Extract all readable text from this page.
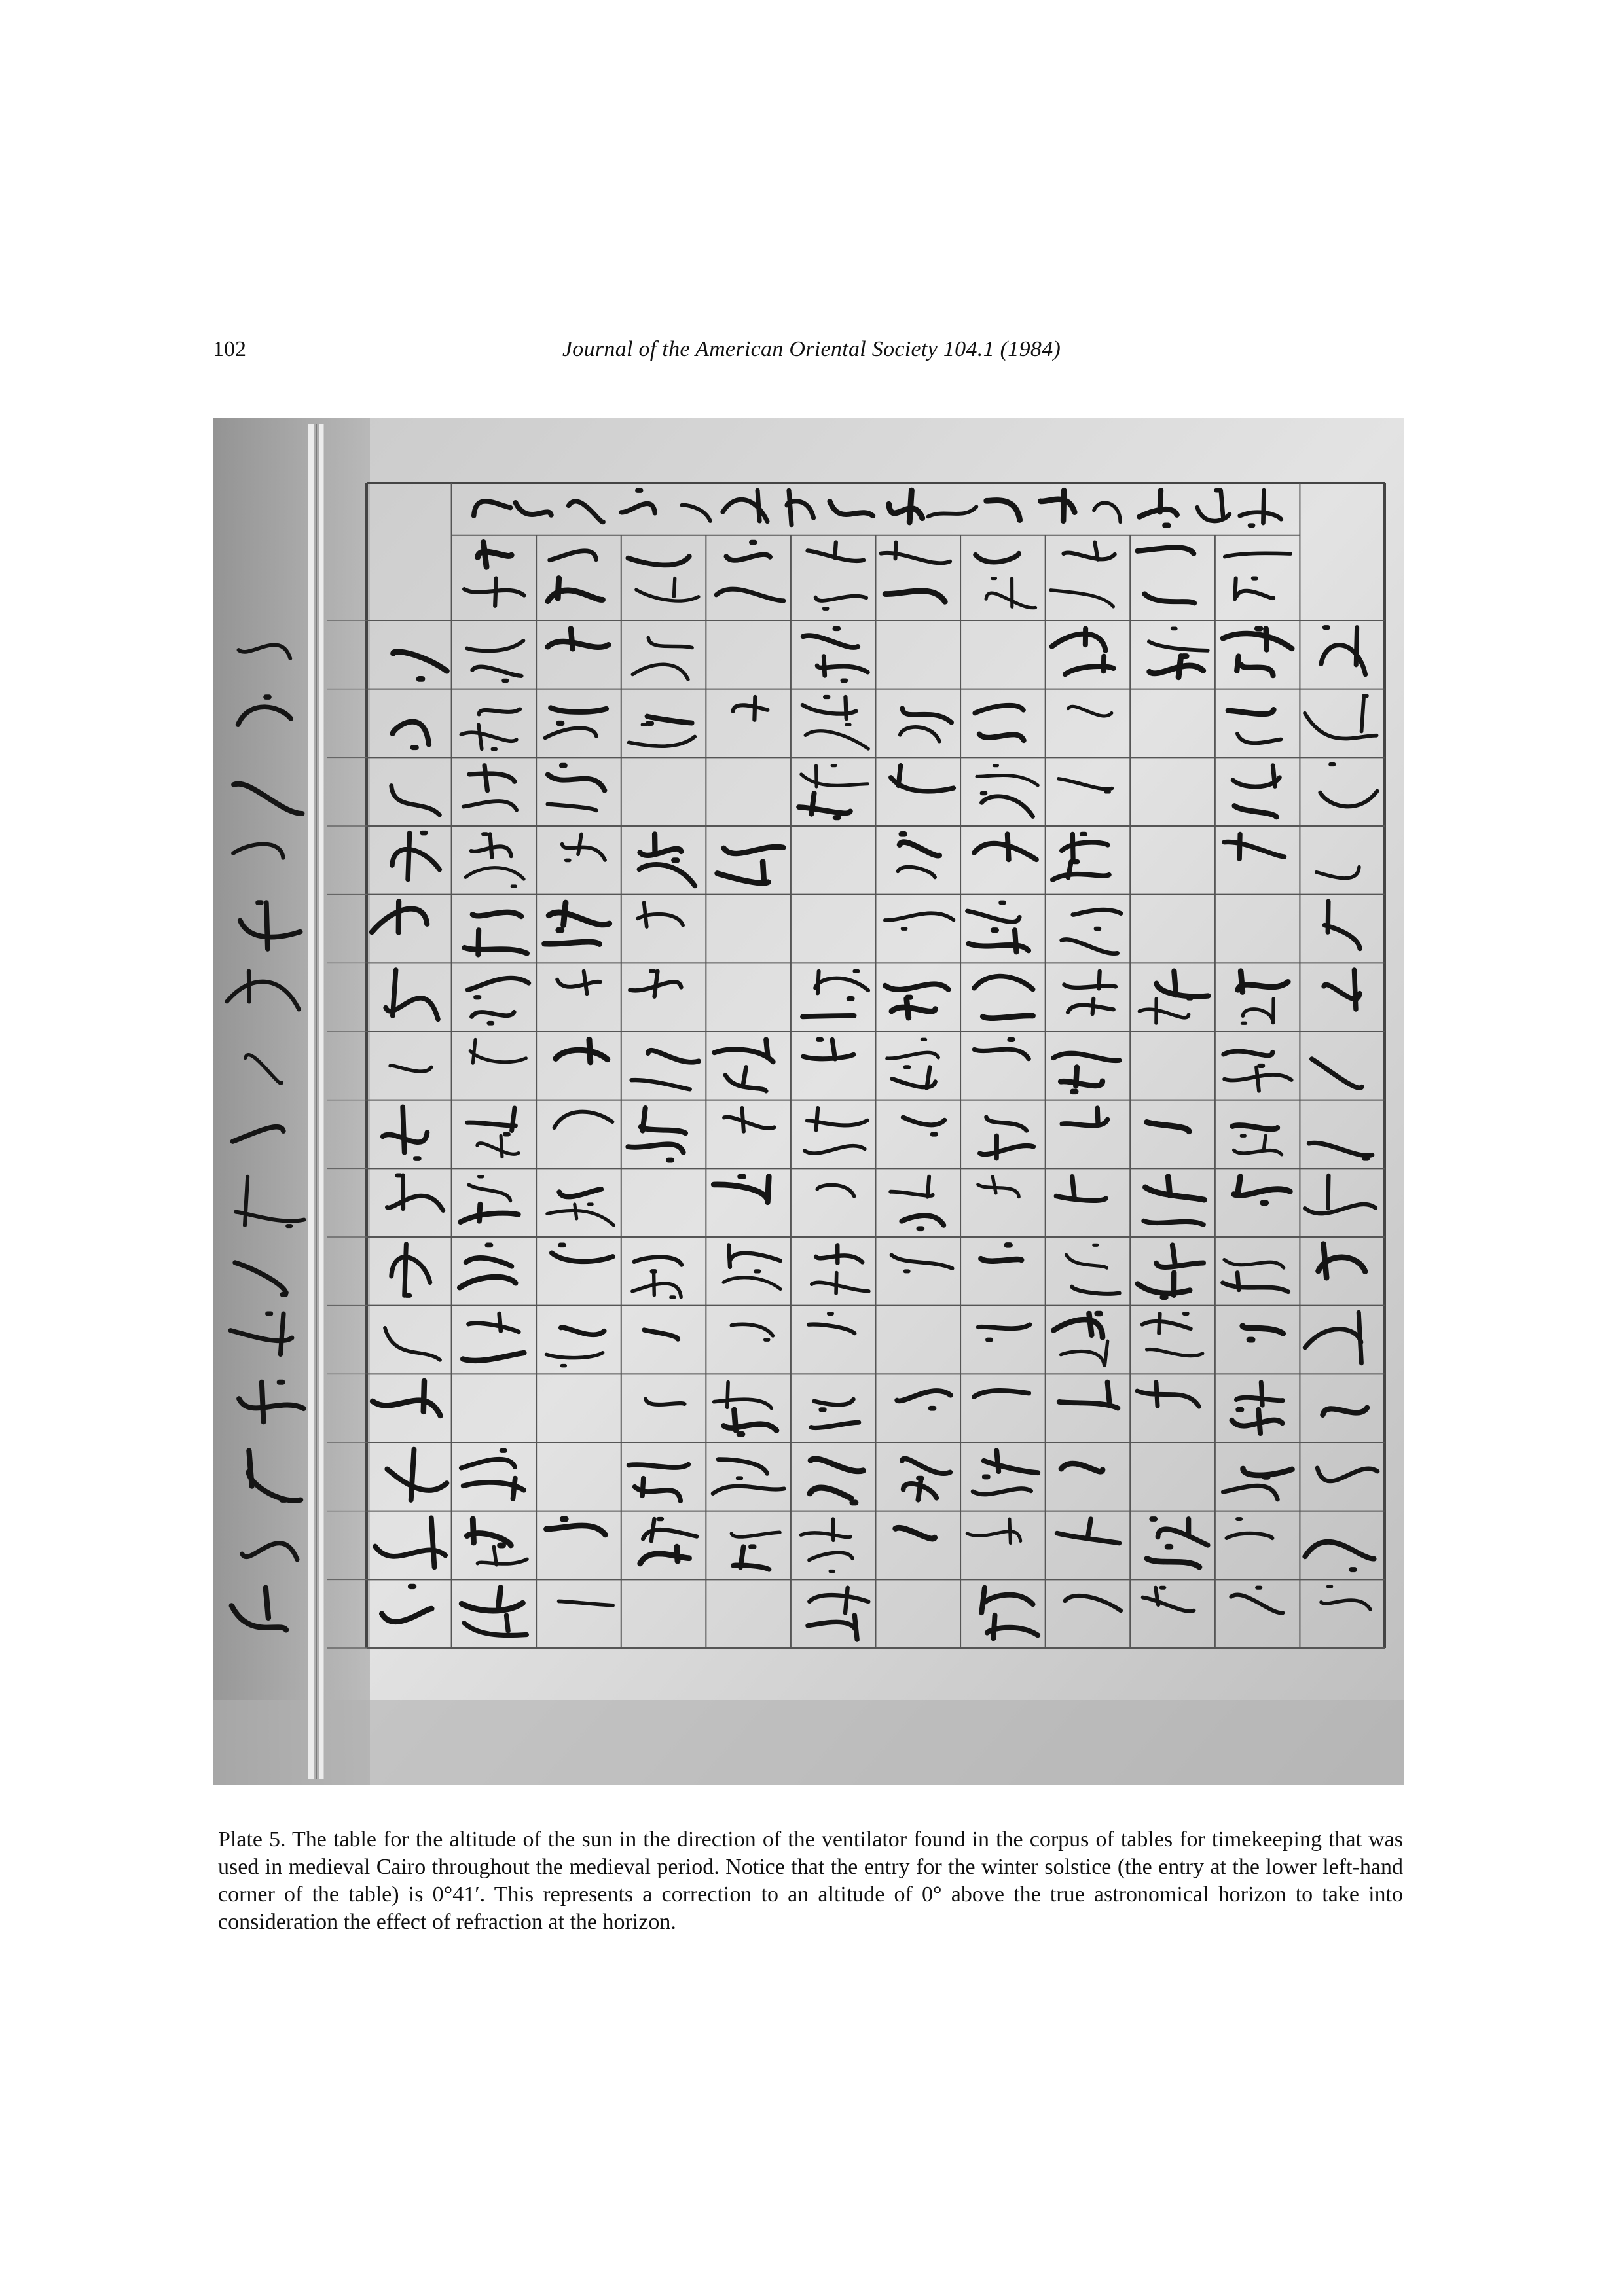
102	Journal of the American Oriental Society 104.1 (1984)
Plate 5. The table for the altitude of the sun in the direction of the ventilator found in the corpus of tables for timekeeping that was used in medieval Cairo throughout the medieval period. Notice that the entry for the winter solstice (the entry at the lower left-hand corner of the table) is 0°41′. This represents a correction to an altitude of 0° above the true astronomical horizon to take into consideration the effect of refraction at the horizon.
